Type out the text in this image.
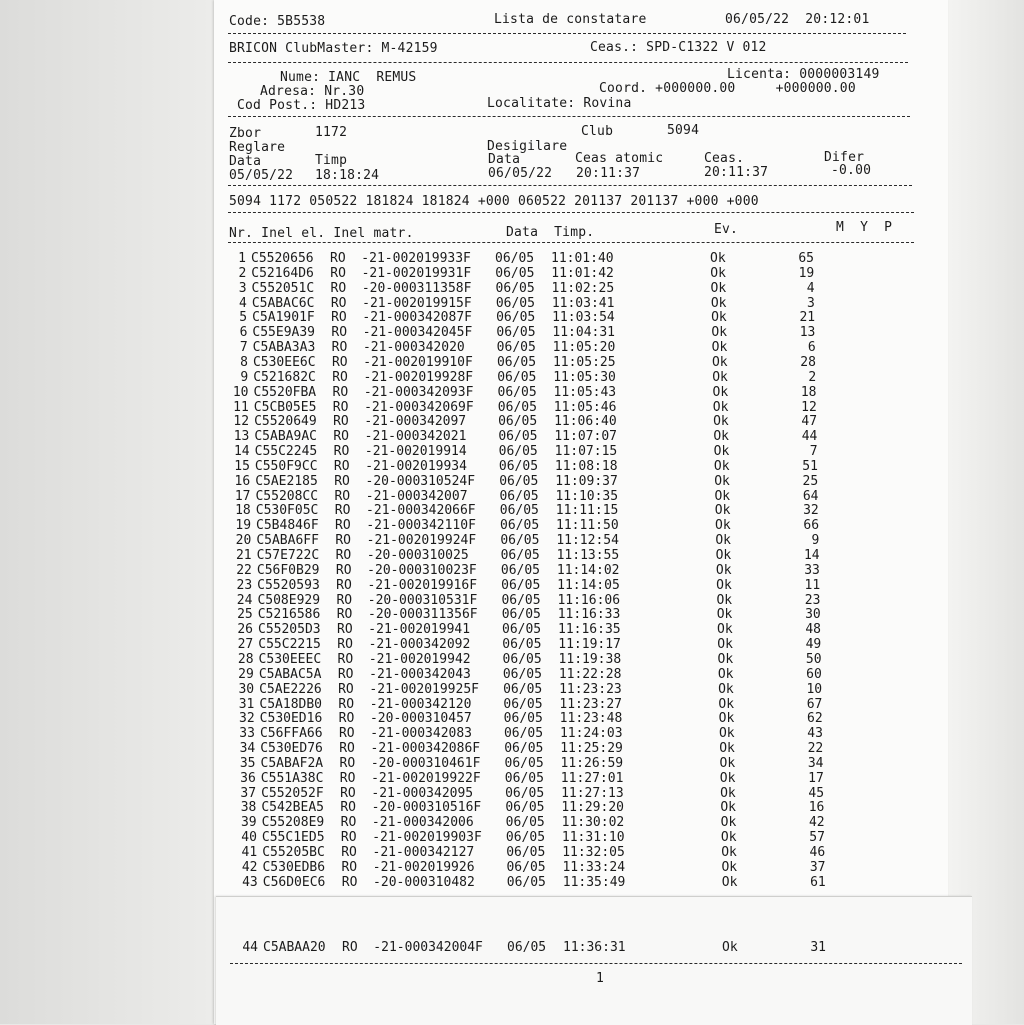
Code: 5B5538	Lista de constatare	06/05/22  20:12:01
BRICON ClubMaster: M-42159	Ceas.: SPD-C1322 V 012
Nume: IANC  REMUS	Licenta: 0000003149
Adresa: Nr.30	Coord. +000000.00     +000000.00
Cod Post.: HD213	Localitate: Rovina
Zbor	1172	Club	5094
Reglare	Desigilare
Data	Timp	Data	Ceas atomic	Ceas.	Difer
05/05/22 18:18:24	06/05/22 20:11:37	20:11:37	-0.00
5094 1172 050522 181824 181824 +000 060522 201137 201137 +000 +000
Nr. Inel el. Inel matr.	Data  Timp.	Ev.	M  Y  P
1 C5520656 RO  -21-002019933F 06/05 11:01:40	Ok	65
2 C52164D6 RO  -21-002019931F 06/05 11:01:42	Ok	19
3 C552051C RO  -20-000311358F 06/05 11:02:25	Ok	4
4 C5ABAC6C RO  -21-002019915F 06/05 11:03:41	Ok	3
5 C5A1901F RO  -21-000342087F 06/05 11:03:54	Ok	21
6 C55E9A39 RO  -21-000342045F 06/05 11:04:31	Ok	13
7 C5ABA3A3 RO  -21-000342020 06/05 11:05:20	Ok	6
8 C530EE6C RO  -21-002019910F 06/05 11:05:25	Ok	28
9 C521682C RO  -21-002019928F 06/05 11:05:30	Ok	2
10 C5520FBA RO  -21-000342093F 06/05 11:05:43	Ok	18
11 C5CB05E5 RO  -21-000342069F 06/05 11:05:46	Ok	12
12 C5520649 RO  -21-000342097 06/05 11:06:40	Ok	47
13 C5ABA9AC RO  -21-000342021 06/05 11:07:07	Ok	44
14 C55C2245 RO  -21-002019914 06/05 11:07:15	Ok	7
15 C550F9CC RO  -21-002019934 06/05 11:08:18	Ok	51
16 C5AE2185 RO  -20-000310524F 06/05 11:09:37	Ok	25
17 C55208CC RO  -21-000342007 06/05 11:10:35	Ok	64
18 C530F05C RO  -21-000342066F 06/05 11:11:15	Ok	32
19 C5B4846F RO  -21-000342110F 06/05 11:11:50	Ok	66
20 C5ABA6FF RO  -21-002019924F 06/05 11:12:54	Ok	9
21 C57E722C RO  -20-000310025 06/05 11:13:55	Ok	14
22 C56F0B29 RO  -20-000310023F 06/05 11:14:02	Ok	33
23 C5520593 RO  -21-002019916F 06/05 11:14:05	Ok	11
24 C508E929 RO  -20-000310531F 06/05 11:16:06	Ok	23
25 C5216586 RO  -20-000311356F 06/05 11:16:33	Ok	30
26 C55205D3 RO  -21-002019941 06/05 11:16:35	Ok	48
27 C55C2215 RO  -21-000342092 06/05 11:19:17	Ok	49
28 C530EEEC RO  -21-002019942 06/05 11:19:38	Ok	50
29 C5ABAC5A RO  -21-000342043 06/05 11:22:28	Ok	60
30 C5AE2226 RO  -21-002019925F 06/05 11:23:23	Ok	10
31 C5A18DB0 RO  -21-000342120 06/05 11:23:27	Ok	67
32 C530ED16 RO  -20-000310457 06/05 11:23:48	Ok	62
33 C56FFA66 RO  -21-000342083 06/05 11:24:03	Ok	43
34 C530ED76 RO  -21-000342086F 06/05 11:25:29	Ok	22
35 C5ABAF2A RO  -20-000310461F 06/05 11:26:59	Ok	34
36 C551A38C RO  -21-002019922F 06/05 11:27:01	Ok	17
37 C552052F RO  -21-000342095 06/05 11:27:13	Ok	45
38 C542BEA5 RO  -20-000310516F 06/05 11:29:20	Ok	16
39 C55208E9 RO  -21-000342006 06/05 11:30:02	Ok	42
40 C55C1ED5 RO  -21-002019903F 06/05 11:31:10	Ok	57
41 C55205BC RO  -21-000342127 06/05 11:32:05	Ok	46
42 C530EDB6 RO  -21-002019926 06/05 11:33:24	Ok	37
43 C56D0EC6 RO  -20-000310482 06/05 11:35:49	Ok	61
44 C5ABAA20 RO  -21-000342004F 06/05 11:36:31	Ok	31
1
